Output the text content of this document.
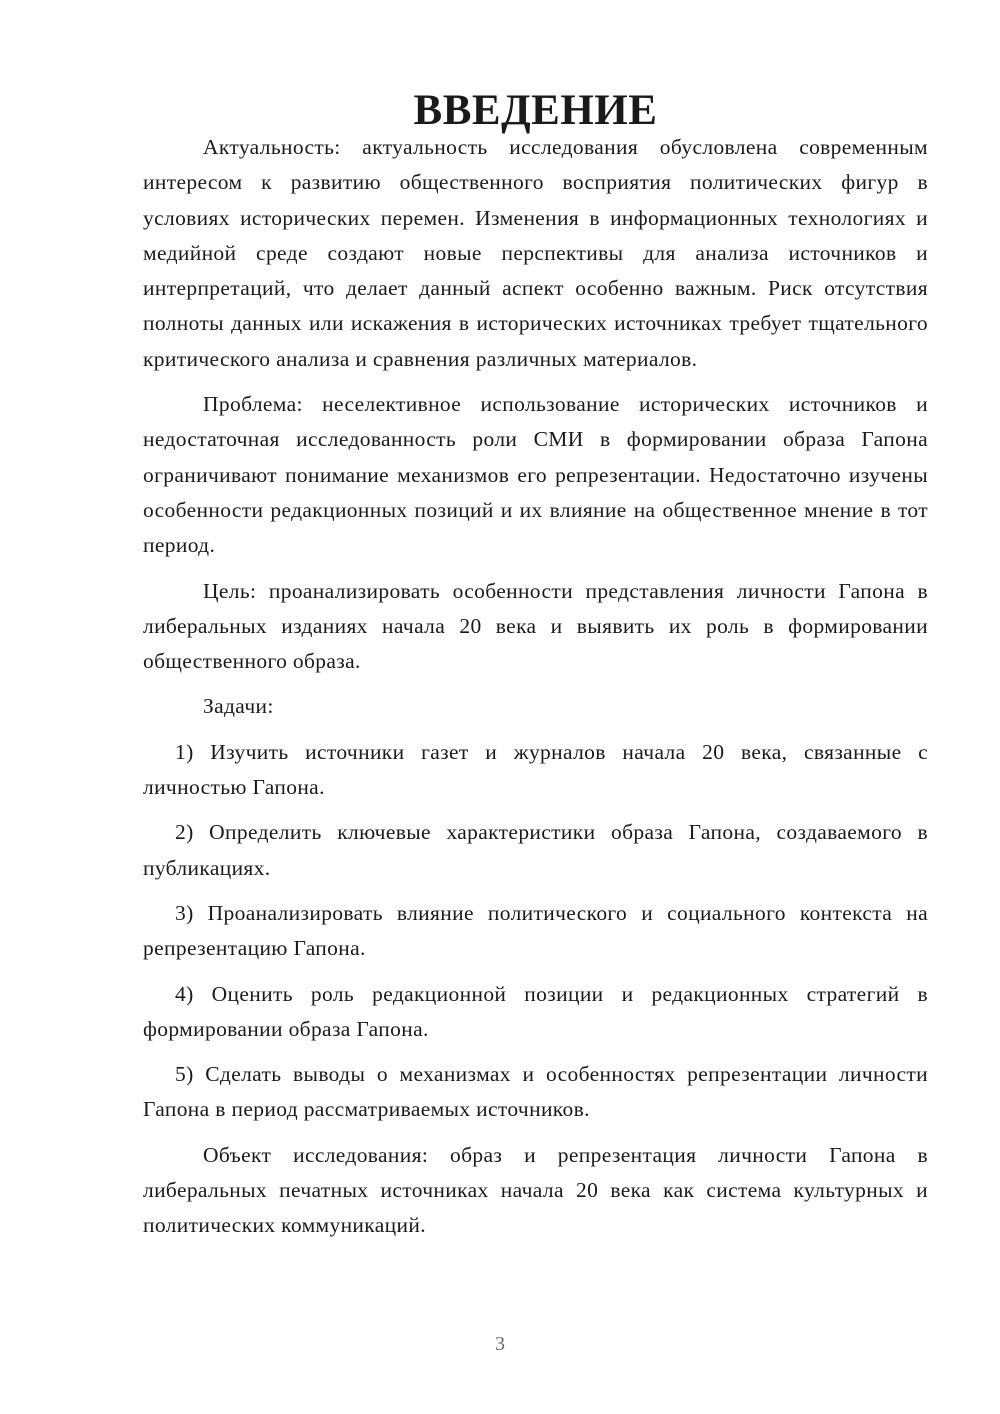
ВВЕДЕНИЕ

Актуальность: актуальность исследования обусловлена современным интересом к развитию общественного восприятия политических фигур в условиях исторических перемен. Изменения в информационных технологиях и медийной среде создают новые перспективы для анализа источников и интерпретаций, что делает данный аспект особенно важным. Риск отсутствия полноты данных или искажения в исторических источниках требует тщательного критического анализа и сравнения различных материалов.

Проблема: неселективное использование исторических источников и недостаточная исследованность роли СМИ в формировании образа Гапона ограничивают понимание механизмов его репрезентации. Недостаточно изучены особенности редакционных позиций и их влияние на общественное мнение в тот период.

Цель: проанализировать особенности представления личности Гапона в либеральных изданиях начала 20 века и выявить их роль в формировании общественного образа.

Задачи:

1) Изучить источники газет и журналов начала 20 века, связанные с личностью Гапона.

2) Определить ключевые характеристики образа Гапона, создаваемого в публикациях.

3) Проанализировать влияние политического и социального контекста на репрезентацию Гапона.

4) Оценить роль редакционной позиции и редакционных стратегий в формировании образа Гапона.

5) Сделать выводы о механизмах и особенностях репрезентации личности Гапона в период рассматриваемых источников.

Объект исследования: образ и репрезентация личности Гапона в либеральных печатных источниках начала 20 века как система культурных и политических коммуникаций.

3
